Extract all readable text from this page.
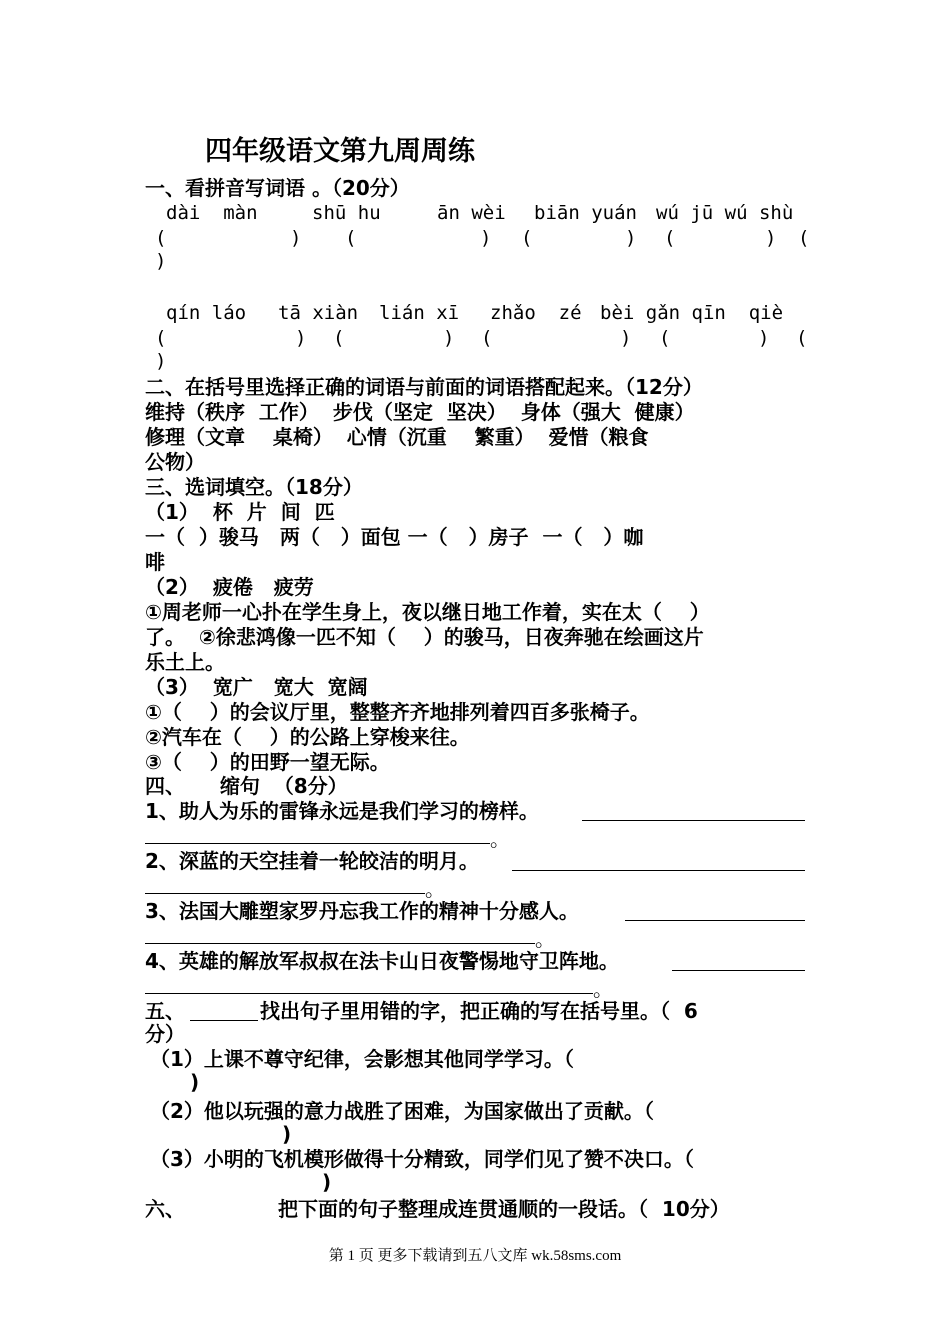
四年级语文第九周周练
一、看拼音写词语 。（20分）
dài  màn	shū hu	ān wèi biān yuán wú jū wú shù
(	) (	) (	) (	) (
)
qín láo tā xiàn lián xī zhǎo  zé bèi gǎn qīn  qiè
(	) (	) (	) (	) (
)
二、在括号里选择正确的词语与前面的词语搭配起来。（12分）
维持（秩序  工作）  步伐（坚定  坚决）  身体（强大  健康）
修理（文章    桌椅）  心情（沉重    繁重）  爱惜（粮食
公物）
三、选词填空。（18分）
（1）  杯  片  间  匹
一（  ）骏马   两（   ）面包 一（   ）房子  一（   ）咖
啡
（2）  疲倦   疲劳
①周老师一心扑在学生身上，夜以继日地工作着，实在太（    ）
了。  ②徐悲鸿像一匹不知（    ）的骏马，日夜奔驰在绘画这片
乐土上。
（3）  宽广   宽大  宽阔
①（    ）的会议厅里，整整齐齐地排列着四百多张椅子。
②汽车在（    ）的公路上穿梭来往。
③（    ）的田野一望无际。
四、     缩句  （8分）
1、助人为乐的雷锋永远是我们学习的榜样。
。
2、深蓝的天空挂着一轮皎洁的明月。
。
3、法国大雕塑家罗丹忘我工作的精神十分感人。
。
4、英雄的解放军叔叔在法卡山日夜警惕地守卫阵地。
。
五、	找出句子里用错的字，把正确的写在括号里。（  6
分）
（1）上课不尊守纪律，会影想其他同学学习。（
)
（2）他以玩强的意力战胜了困难，为国家做出了贡献。（
)
（3）小明的飞机模形做得十分精致，同学们见了赞不决口。（
)
六、	把下面的句子整理成连贯通顺的一段话。（  10分）
第 1 页 更多下载请到五八文库 wk.58sms.com
